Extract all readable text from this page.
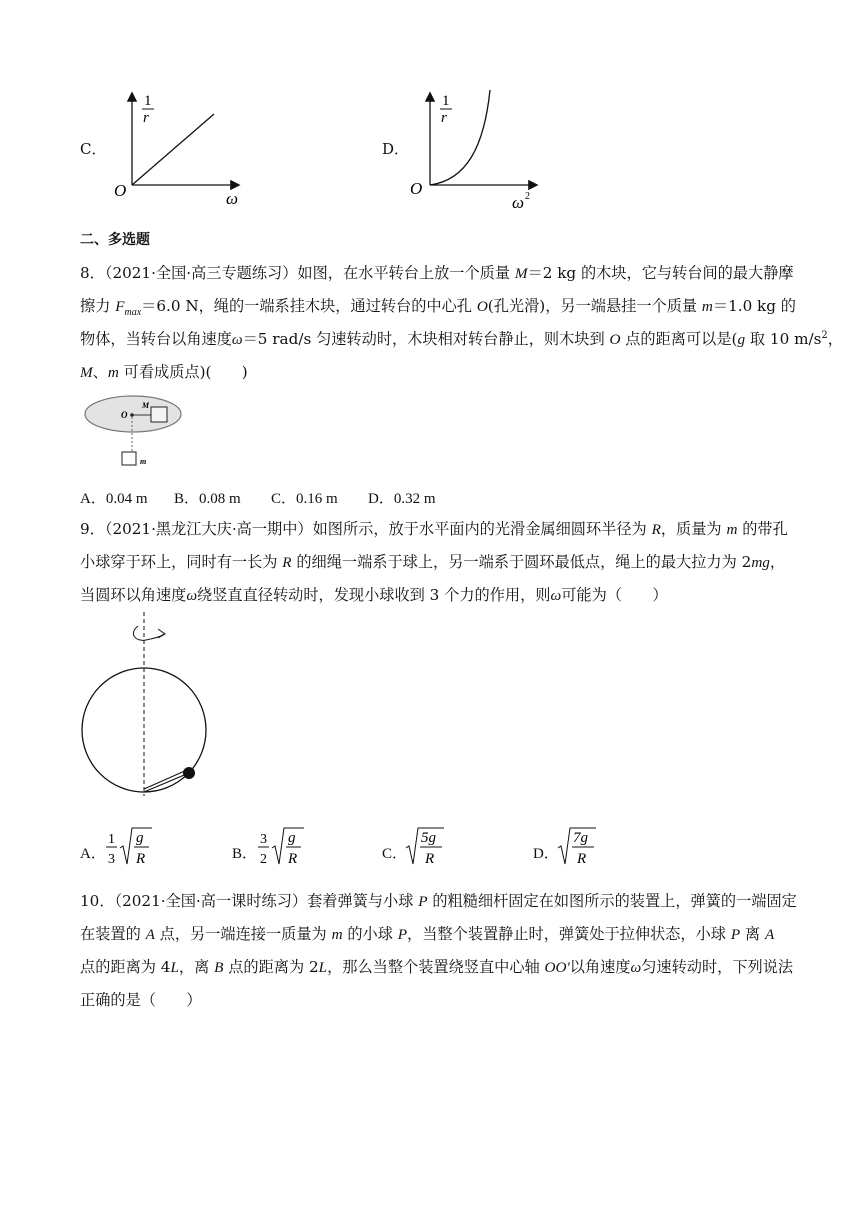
C．
1
r
O	ω
D．
1
r
O
ω 2
二、多选题
8．（2021·全国·高三专题练习）如图，在水平转台上放一个质量 M＝2 kg 的木块，它与转台间的最大静摩
擦力 $F_{max}=6.0$ N，绳的一端系挂木块，通过转台的中心孔 O(孔光滑)，另一端悬挂一个质量 m＝1.0 kg 的
物体，当转台以角速度ω＝5 rad/s 匀速转动时，木块相对转台静止，则木块到 O 点的距离可以是(g 取 10 $m/s^2$，
M、m 可看成质点)(　　)
O
M
m
A．0.04 m B．0.08 m C．0.16 m D．0.32 m
9．（2021·黑龙江大庆·高一期中）如图所示，放于水平面内的光滑金属细圆环半径为 R，质量为 m 的带孔
小球穿于环上，同时有一长为 R 的细绳一端系于球上，另一端系于圆环最低点，绳上的最大拉力为 2mg，
当圆环以角速度ω绕竖直直径转动时，发现小球收到 3 个力的作用，则ω可能为（　　）
A．
1
3
g
R	B．
3
2
g
R	C．
5g
R	D．
7g
R
10．（2021·全国·高一课时练习）套着弹簧与小球 P 的粗糙细杆固定在如图所示的装置上，弹簧的一端固定
在装置的 A 点，另一端连接一质量为 m 的小球 P，当整个装置静止时，弹簧处于拉伸状态，小球 P 离 A
点的距离为 4L，离 B 点的距离为 2L，那么当整个装置绕竖直中心轴 OO'以角速度ω匀速转动时，下列说法
正确的是（　　）
